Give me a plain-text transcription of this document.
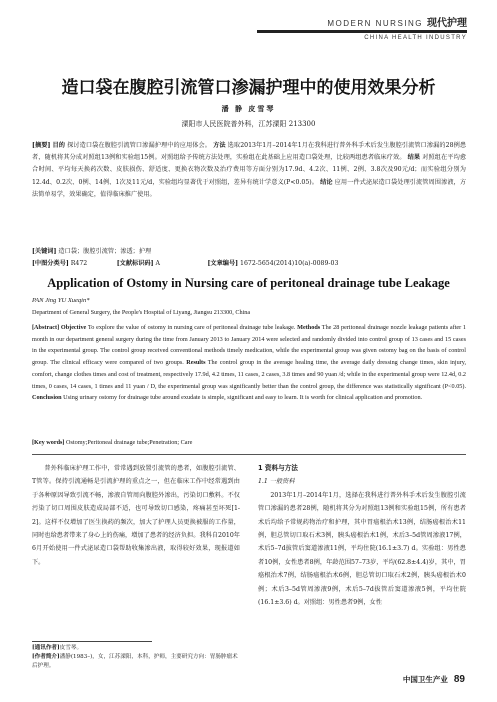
MODERN NURSING 现代护理
CHINA HEALTH INDUSTRY
造口袋在腹腔引流管口渗漏护理中的使用效果分析
潘 静 皮雪琴
溧阳市人民医院普外科，江苏溧阳 213300
[摘要] 目的 探讨造口袋在腹腔引流管口渗漏护理中的应用体会。 方法 选取2013年1月–2014年1月在我科进行普外科手术后发生腹腔引流管口渗漏的28例患者，随机将其分成对照组13例和实验组15例。对照组给予传统方法处理，实验组在此基础上应用造口袋处理，比较两组患者临床疗效。 结果 对照组在平均愈合时间、平均每天换药次数、皮肤损伤、舒适度、更换衣物次数及治疗费用等方面分别为17.9d、4.2次、11例、2例、3.8次及90元/d；而实验组分别为12.4d、0.2次、0例、14例、1次及11元/d，实验组均显著优于对照组，差异有统计学意义(P<0.05)。 结论 应用一件式泌尿造口袋处理引流管周围渗液，方法简单易学，效果确定，值得临床推广使用。
[关键词] 造口袋；腹腔引流管；渗透；护理
[中图分类号] R472	[文献标识码] A	[文章编号] 1672-5654(2014)10(a)-0089-03
Application of Ostomy in Nursing care of peritoneal drainage tube Leakage
PAN Jing YU Xueqin*
Department of General Surgery, the People's Hospital of Liyang, Jiangsu 213300, China
[Abstract] Objective To explore the value of ostomy in nursing care of peritoneal drainage tube leakage. Methods The 28 peritoneal drainage nozzle leakage patients after 1 month in our department general surgery during the time from January 2013 to January 2014 were selected and randomly divided into control group of 13 cases and 15 cases in the experimental group. The control group received conventional methods timely medication, while the experimental group was given ostomy bag on the basis of control group. The clinical efficacy were compared of two groups. Results The control group in the average healing time, the average daily dressing change times, skin injury, comfort, change clothes times and cost of treatment, respectively 17.9d, 4.2 times, 11 cases, 2 cases, 3.8 times and 90 yuan /d; while in the experimental group were 12.4d, 0.2 times, 0 cases, 14 cases, 1 times and 11 yuan / D, the experimental group was significantly better than the control group, the difference was statistically significant (P<0.05). Conclusion Using urinary ostomy for drainage tube around exudate is simple, significant and easy to learn. It is worth for clinical application and promotion.
[Key words] Ostomy;Peritoneal drainage tube;Penetration; Care

普外科临床护理工作中，常常遇到放置引流管的患者，如腹腔引流管、T管等。保持引流通畅是引流护理的重点之一，但在临床工作中经常遇到由于各种原因导致引流不畅，渗液自管周向腹腔外渗出，污染切口敷料。不仅污染了切口周围皮肤造成局部不适，也可导致切口感染，疼痛甚至坏死[1-2]。这样不仅增加了医生换药的频次，加大了护理人员更换被服的工作量，同时也给患者带来了身心上的伤痛，增加了患者的经济负担。我科自2010年6月开始使用一件式泌尿造口袋帮助收集渗出液，取得较好效果，现报道如下。

1 资料与方法
1.1 一般资料

2013年1月–2014年1月，选择在我科进行普外科手术后发生腹腔引流管口渗漏的患者28例，随机将其分为对照组13例和实验组15例，所有患者术后均给予常规药物治疗和护理，其中胃癌根治术13例，结肠癌根治术11例，胆总管切口取石术3例，胰头癌根治术1例，术后3–5d管周渗液17例，术后5–7d拔管后窦道渗液11例，平均住院(16.1±3.7) d。实验组：男性患者10例，女性患者8例，年龄范围57–73岁，平均(62.8±4.4)岁，其中，胃癌根治术7例，结肠癌根治术6例，胆总管切口取石术2例，胰头癌根治术0例；术后3–5d管周渗液9例，术后5–7d拔管后窦道渗液5例，平均住院(16.1±3.6) d。对照组：男性患者9例，女性

[通讯作者]皮雪琴。
[作者简介]潘静(1983–)，女，江苏溧阳，本科，护师，主要研究方向：胃肠肿瘤术后护理。
中国卫生产业 89
